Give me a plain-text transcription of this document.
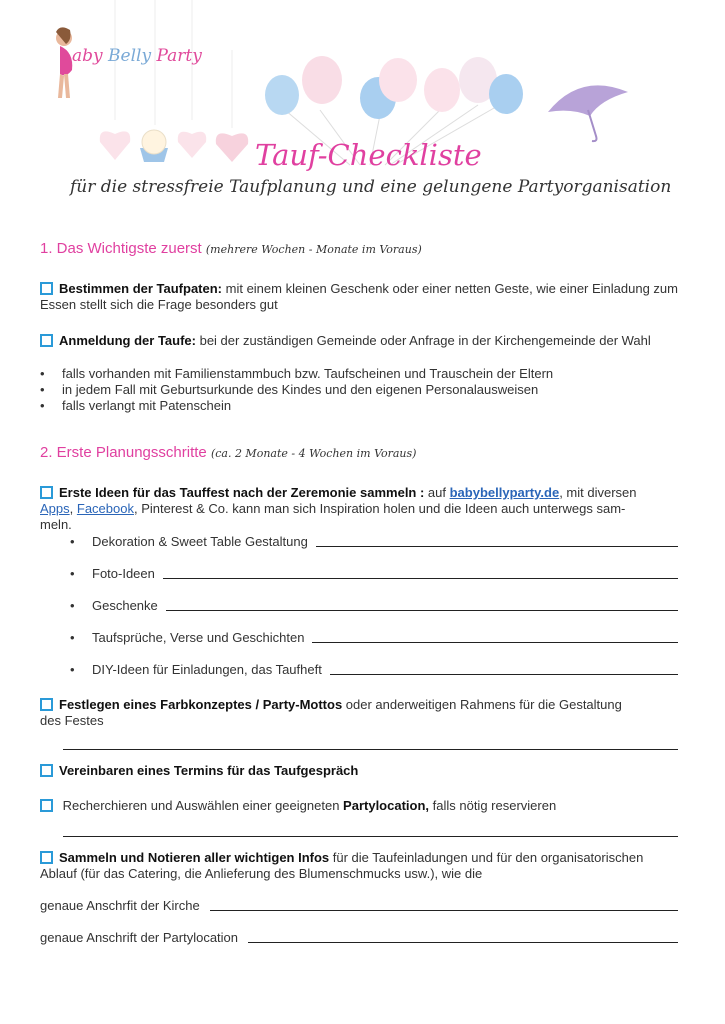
aby Belly Party
Tauf-Checkliste
für die stressfreie Taufplanung und eine gelungene Partyorganisation
1. Das Wichtigste zuerst (mehrere Wochen - Monate im Voraus)
Bestimmen der Taufpaten: mit einem kleinen Geschenk oder einer netten Geste, wie einer Einladung zum Essen stellt sich die Frage besonders gut
Anmeldung der Taufe: bei der zuständigen Gemeinde oder Anfrage in der Kirchengemeinde der Wahl
•	falls vorhanden mit Familienstammbuch bzw. Taufscheinen und Trauschein der Eltern
•	in jedem Fall mit Geburtsurkunde des Kindes und den eigenen Personalausweisen
•	falls verlangt mit Patenschein
2. Erste Planungsschritte (ca. 2 Monate - 4 Wochen im Voraus)
Erste Ideen für das Tauffest nach der Zeremonie sammeln : auf babybellyparty.de, mit diversen
Apps, Facebook, Pinterest & Co. kann man sich Inspiration holen und die Ideen auch unterwegs sam-
meln.
•	Dekoration & Sweet Table Gestaltung
•	Foto-Ideen
•	Geschenke
•	Taufsprüche, Verse und Geschichten
•	DIY-Ideen für Einladungen, das Taufheft
Festlegen eines Farbkonzeptes / Party-Mottos oder anderweitigen Rahmens für die Gestaltung
des Festes
Vereinbaren eines Termins für das Taufgespräch
Recherchieren und Auswählen einer geeigneten Partylocation, falls nötig reservieren
Sammeln und Notieren aller wichtigen Infos für die Taufeinladungen und für den organisatorischen
Ablauf (für das Catering, die Anlieferung des Blumenschmucks usw.), wie die
genaue Anschrfit der Kirche
genaue Anschrift der Partylocation
